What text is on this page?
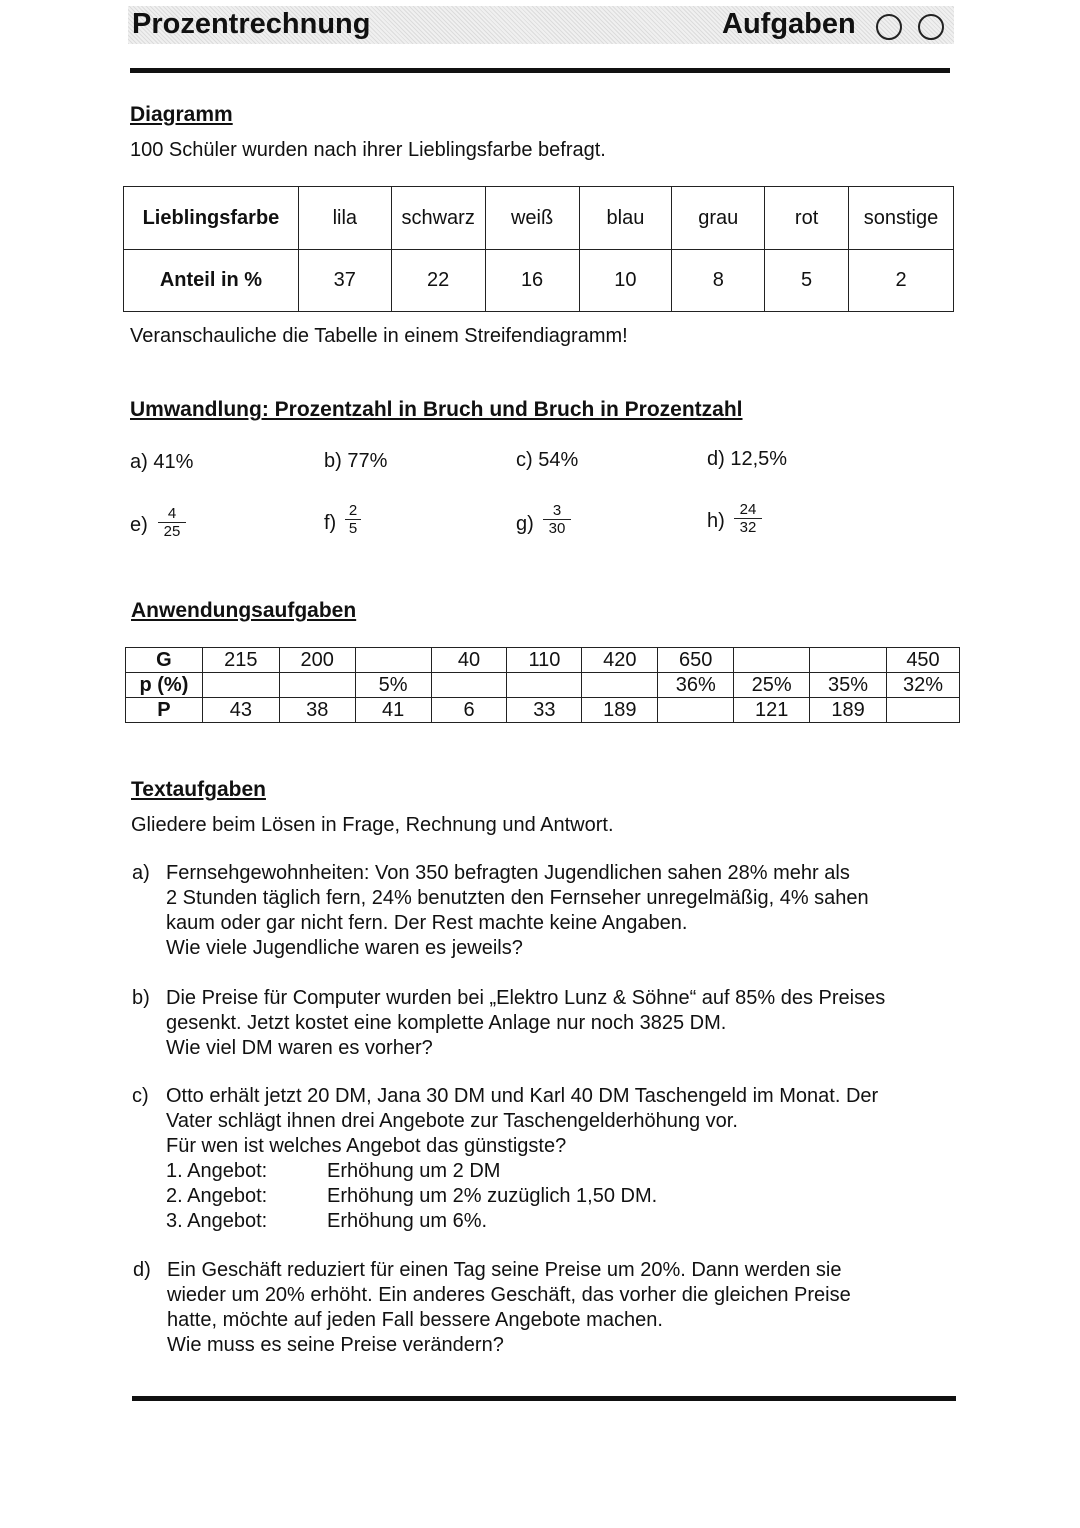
Prozentrechnung	Aufgaben
Diagramm
100 Schüler wurden nach ihrer Lieblingsfarbe befragt.
Lieblingsfarbe	lila	schwarz	weiß	blau	grau	rot	sonstige
Anteil in %	37	22	16	10	8	5	2
Veranschauliche die Tabelle in einem Streifendiagramm!
Umwandlung: Prozentzahl in Bruch und Bruch in Prozentzahl
a) 41%	b) 77%	c) 54%	d) 12,5%
$e) \frac{4}{25}$	$f) \frac{2}{5}$	$g) \frac{3}{30}$	$h) \frac{24}{32}$
Anwendungsaufgaben
G	215	200		40	110	420	650			450
p (%)			5%				36%	25%	35%	32%
P	43	38	41	6	33	189		121	189	
Textaufgaben
Gliedere beim Lösen in Frage, Rechnung und Antwort.
a) Fernsehgewohnheiten: Von 350 befragten Jugendlichen sahen 28% mehr als
2 Stunden täglich fern, 24% benutzten den Fernseher unregelmäßig, 4% sahen
kaum oder gar nicht fern. Der Rest machte keine Angaben.
Wie viele Jugendliche waren es jeweils?
b) Die Preise für Computer wurden bei „Elektro Lunz & Söhne“ auf 85% des Preises
gesenkt. Jetzt kostet eine komplette Anlage nur noch 3825 DM.
Wie viel DM waren es vorher?
c) Otto erhält jetzt 20 DM, Jana 30 DM und Karl 40 DM Taschengeld im Monat. Der
Vater schlägt ihnen drei Angebote zur Taschengelderhöhung vor.
Für wen ist welches Angebot das günstigste?
1. Angebot:	Erhöhung um 2 DM
2. Angebot:	Erhöhung um 2% zuzüglich 1,50 DM.
3. Angebot:	Erhöhung um 6%.
d) Ein Geschäft reduziert für einen Tag seine Preise um 20%. Dann werden sie
wieder um 20% erhöht. Ein anderes Geschäft, das vorher die gleichen Preise
hatte, möchte auf jeden Fall bessere Angebote machen.
Wie muss es seine Preise verändern?
